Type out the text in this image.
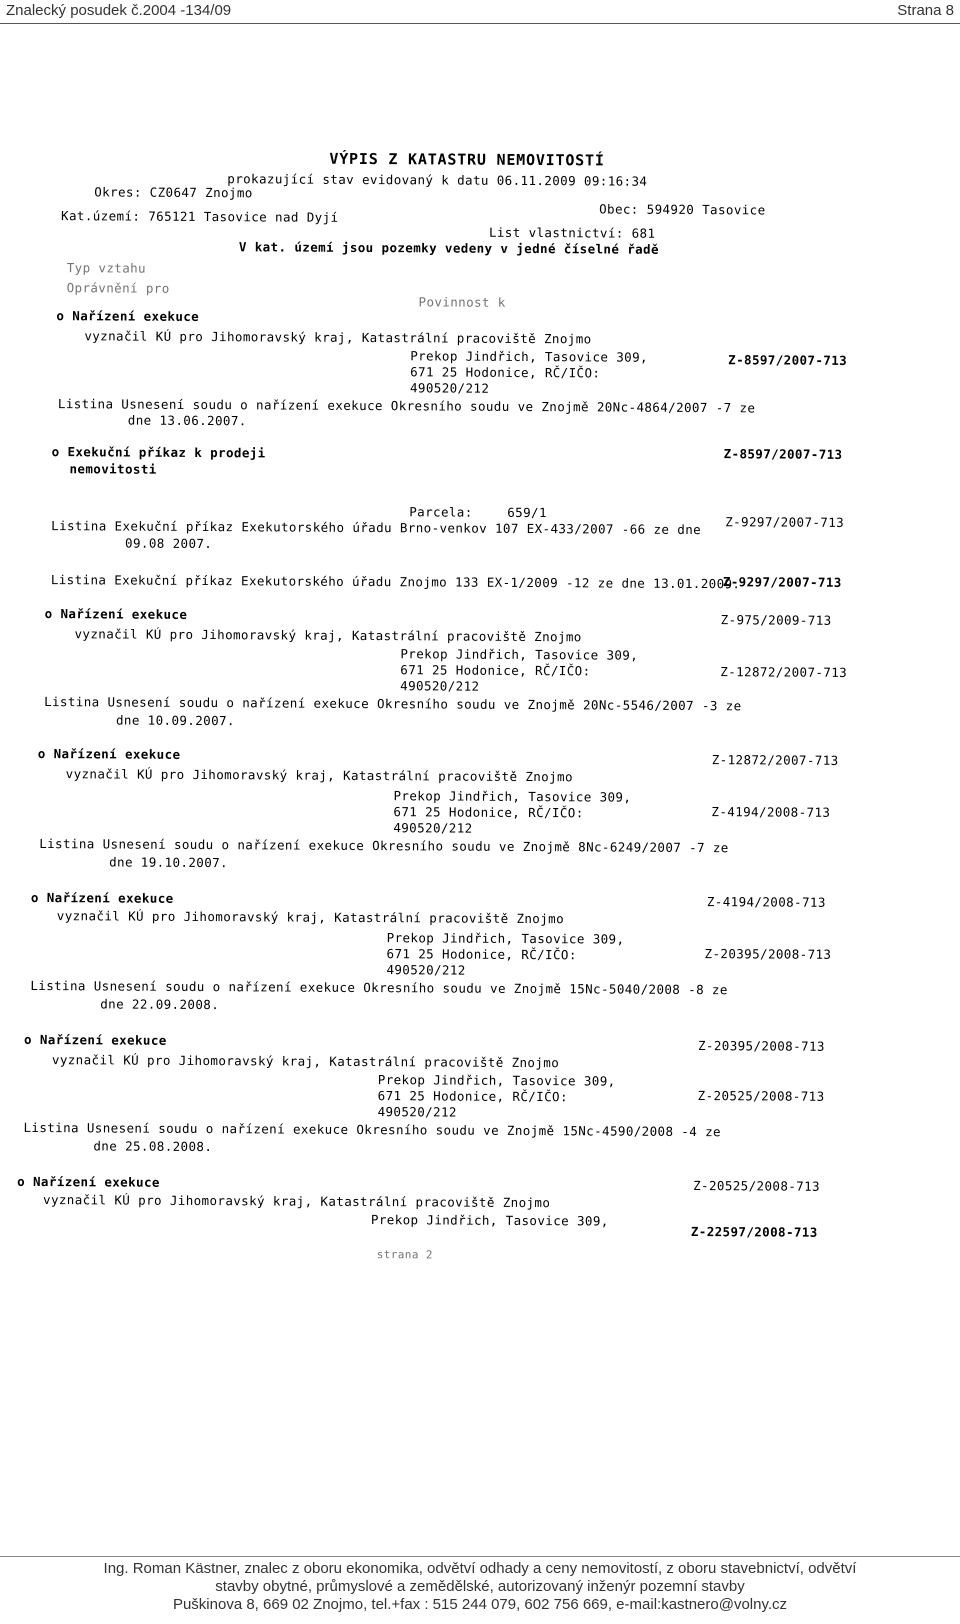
Znalecký posudek č.2004 -134/09	Strana 8
VÝPIS Z KATASTRU NEMOVITOSTÍ
prokazující stav evidovaný k datu 06.11.2009 09:16:34
Okres: CZ0647 Znojmo
Obec: 594920 Tasovice
Kat.území: 765121 Tasovice nad Dyjí
List vlastnictví: 681
V kat. území jsou pozemky vedeny v jedné číselné řadě
Typ vztahu
Oprávnění pro
Povinnost k
o Nařízení exekuce
vyznačil KÚ pro Jihomoravský kraj, Katastrální pracoviště Znojmo
Prekop Jindřich, Tasovice 309,	Z-8597/2007-713
671 25 Hodonice, RČ/IČO:
490520/212
Listina Usnesení soudu o nařízení exekuce Okresního soudu ve Znojmě 20Nc-4864/2007 -7 ze
dne 13.06.2007.
o Exekuční příkaz k prodeji
nemovitosti
Z-8597/2007-713
Parcela:	659/1
Z-9297/2007-713
Listina Exekuční příkaz Exekutorského úřadu Brno-venkov 107 EX-433/2007 -66 ze dne
09.08 2007.
Z-9297/2007-713
Listina Exekuční příkaz Exekutorského úřadu Znojmo 133 EX-1/2009 -12 ze dne 13.01.2009.
o Nařízení exekuce	Z-975/2009-713
vyznačil KÚ pro Jihomoravský kraj, Katastrální pracoviště Znojmo
Prekop Jindřich, Tasovice 309,
Z-12872/2007-713
671 25 Hodonice, RČ/IČO:
490520/212
Listina Usnesení soudu o nařízení exekuce Okresního soudu ve Znojmě 20Nc-5546/2007 -3 ze
dne 10.09.2007.
o Nařízení exekuce	Z-12872/2007-713
vyznačil KÚ pro Jihomoravský kraj, Katastrální pracoviště Znojmo
Prekop Jindřich, Tasovice 309,
Z-4194/2008-713
671 25 Hodonice, RČ/IČO:
490520/212
Listina Usnesení soudu o nařízení exekuce Okresního soudu ve Znojmě 8Nc-6249/2007 -7 ze
dne 19.10.2007.
o Nařízení exekuce	Z-4194/2008-713
vyznačil KÚ pro Jihomoravský kraj, Katastrální pracoviště Znojmo
Prekop Jindřich, Tasovice 309,
Z-20395/2008-713
671 25 Hodonice, RČ/IČO:
490520/212
Listina Usnesení soudu o nařízení exekuce Okresního soudu ve Znojmě 15Nc-5040/2008 -8 ze
dne 22.09.2008.
o Nařízení exekuce	Z-20395/2008-713
vyznačil KÚ pro Jihomoravský kraj, Katastrální pracoviště Znojmo
Prekop Jindřich, Tasovice 309,
Z-20525/2008-713
671 25 Hodonice, RČ/IČO:
490520/212
Listina Usnesení soudu o nařízení exekuce Okresního soudu ve Znojmě 15Nc-4590/2008 -4 ze
dne 25.08.2008.
o Nařízení exekuce	Z-20525/2008-713
vyznačil KÚ pro Jihomoravský kraj, Katastrální pracoviště Znojmo
Prekop Jindřich, Tasovice 309,
Z-22597/2008-713
strana 2
Ing. Roman Kästner, znalec z oboru ekonomika, odvětví odhady a ceny nemovitostí, z oboru stavebnictví, odvětví
stavby obytné, průmyslové a zemědělské, autorizovaný inženýr pozemní stavby
Puškinova 8, 669 02 Znojmo, tel.+fax : 515 244 079, 602 756 669, e-mail:kastnero@volny.cz
